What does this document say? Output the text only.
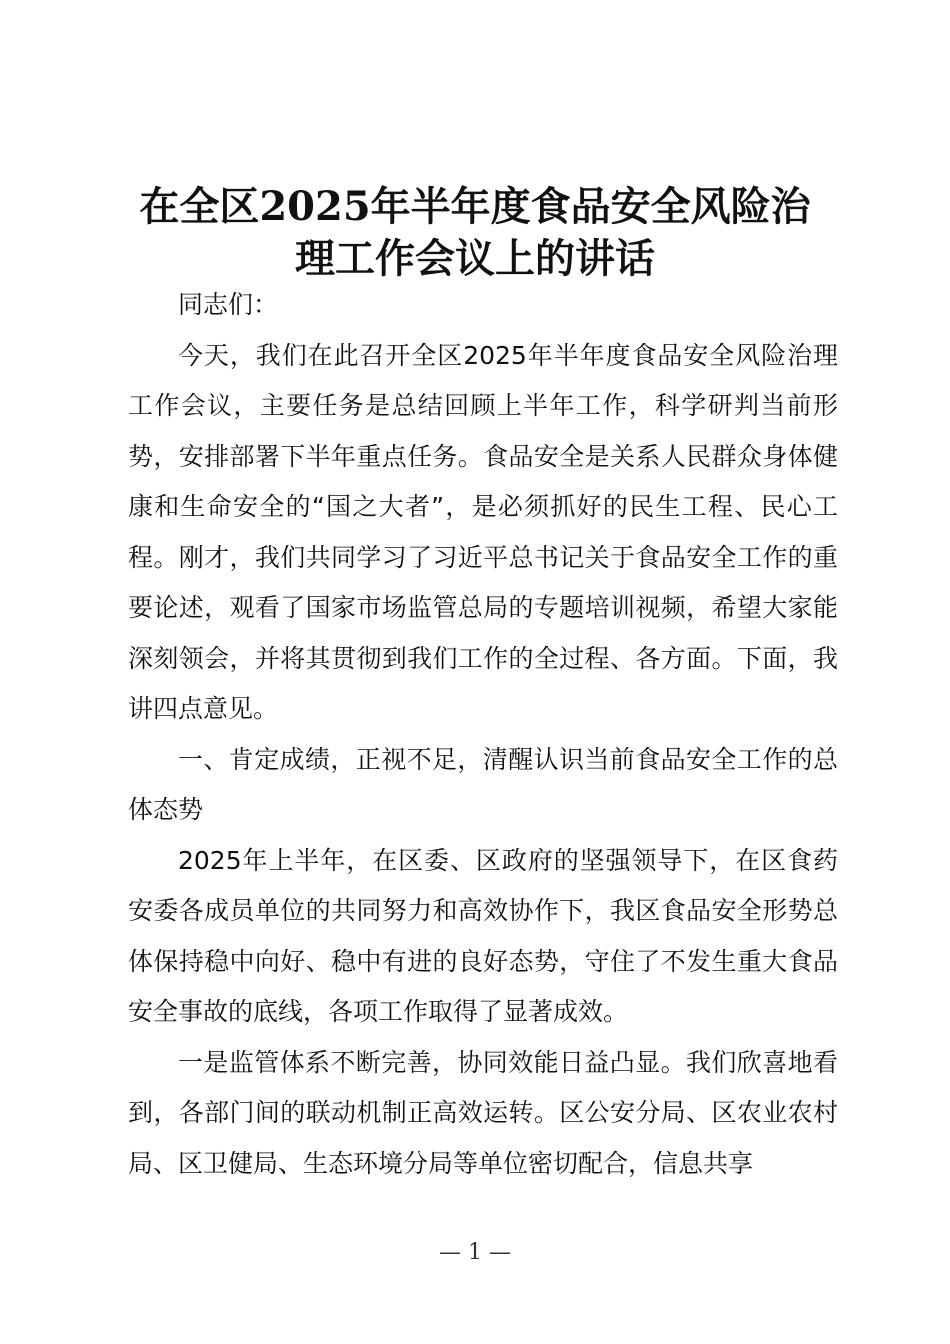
在全区2025年半年度食品安全风险治
理工作会议上的讲话

同志们：

今天，我们在此召开全区2025年半年度食品安全风险治理工作会议，主要任务是总结回顾上半年工作，科学研判当前形势，安排部署下半年重点任务。食品安全是关系人民群众身体健康和生命安全的“国之大者”，是必须抓好的民生工程、民心工程。刚才，我们共同学习了习近平总书记关于食品安全工作的重要论述，观看了国家市场监管总局的专题培训视频，希望大家能深刻领会，并将其贯彻到我们工作的全过程、各方面。下面，我讲四点意见。

一、肯定成绩，正视不足，清醒认识当前食品安全工作的总体态势

2025年上半年，在区委、区政府的坚强领导下，在区食药安委各成员单位的共同努力和高效协作下，我区食品安全形势总体保持稳中向好、稳中有进的良好态势，守住了不发生重大食品安全事故的底线，各项工作取得了显著成效。

一是监管体系不断完善，协同效能日益凸显。我们欣喜地看到，各部门间的联动机制正高效运转。区公安分局、区农业农村局、区卫健局、生态环境分局等单位密切配合，信息共享

— 1 —
